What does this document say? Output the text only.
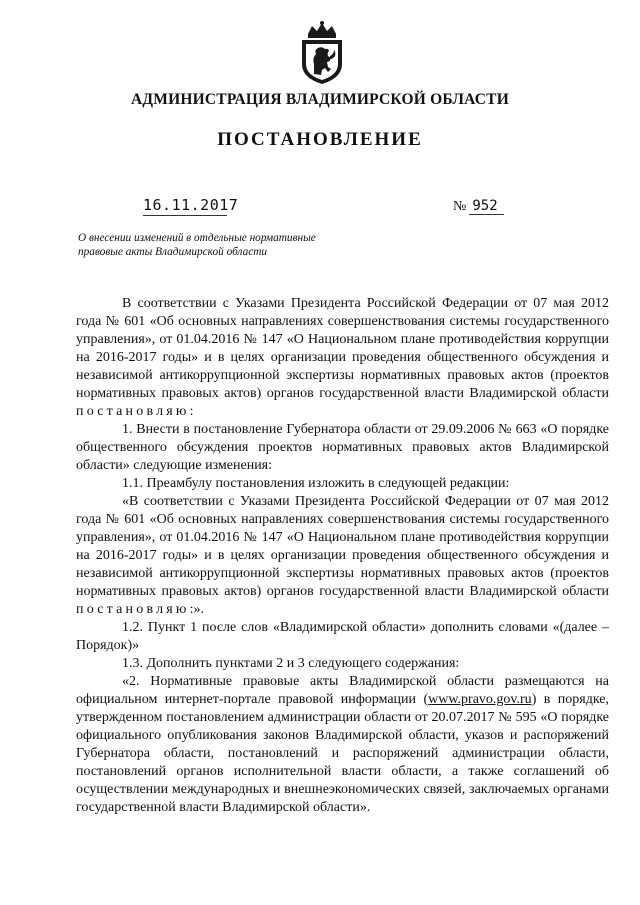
АДМИНИСТРАЦИЯ ВЛАДИМИРСКОЙ ОБЛАСТИ
ПОСТАНОВЛЕНИЕ
16.11.2017	№ 952
О внесении изменений в отдельные нормативные
правовые акты Владимирской области

В соответствии с Указами Президента Российской Федерации от 07 мая 2012 года № 601 «Об основных направлениях совершенствования системы государственного управления», от 01.04.2016 № 147 «О Национальном плане противодействия коррупции на 2016-2017 годы» и в целях организации проведения общественного обсуждения и независимой антикоррупционной экспертизы нормативных правовых актов (проектов нормативных правовых актов) органов государственной власти Владимирской области постановляю:

1. Внести в постановление Губернатора области от 29.09.2006 № 663 «О порядке общественного обсуждения проектов нормативных правовых актов Владимирской области» следующие изменения:

1.1. Преамбулу постановления изложить в следующей редакции:

«В соответствии с Указами Президента Российской Федерации от 07 мая 2012 года № 601 «Об основных направлениях совершенствования системы государственного управления», от 01.04.2016 № 147 «О Национальном плане противодействия коррупции на 2016-2017 годы» и в целях организации проведения общественного обсуждения и независимой антикоррупционной экспертизы нормативных правовых актов (проектов нормативных правовых актов) органов государственной власти Владимирской области постановляю:».

1.2. Пункт 1 после слов «Владимирской области» дополнить словами «(далее – Порядок)»

1.3. Дополнить пунктами 2 и 3 следующего содержания:

«2. Нормативные правовые акты Владимирской области размещаются на официальном интернет-портале правовой информации (www.pravo.gov.ru) в порядке, утвержденном постановлением администрации области от 20.07.2017 № 595 «О порядке официального опубликования законов Владимирской области, указов и распоряжений Губернатора области, постановлений и распоряжений администрации области, постановлений органов исполнительной власти области, а также соглашений об осуществлении международных и внешнеэкономических связей, заключаемых органами государственной власти Владимирской области».
